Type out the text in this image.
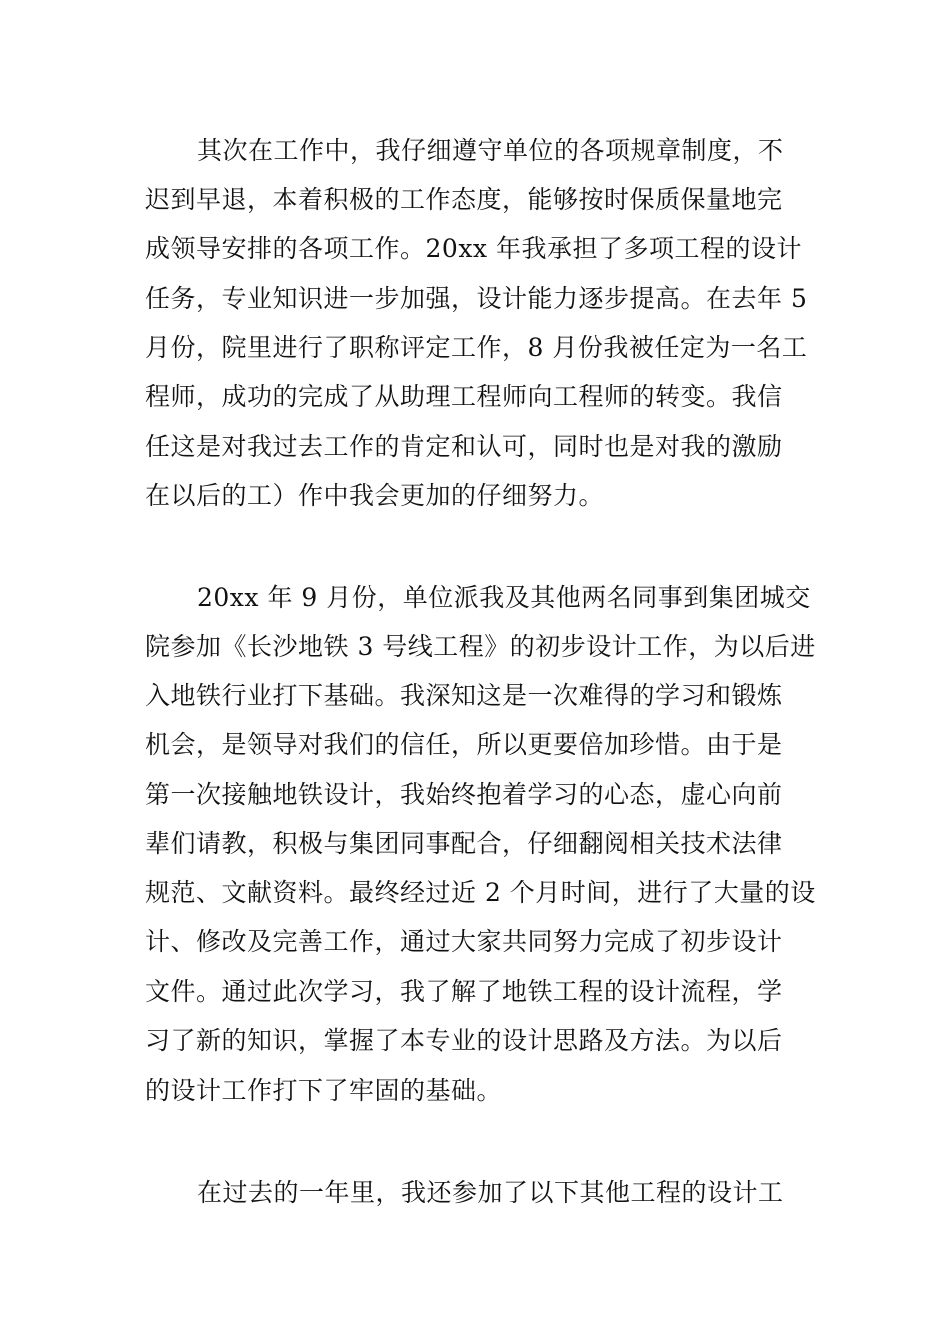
其次在工作中，我仔细遵守单位的各项规章制度，不
迟到早退，本着积极的工作态度，能够按时保质保量地完
成领导安排的各项工作。20xx 年我承担了多项工程的设计
任务，专业知识进一步加强，设计能力逐步提高。在去年 5
月份，院里进行了职称评定工作，8 月份我被任定为一名工
程师，成功的完成了从助理工程师向工程师的转变。我信
任这是对我过去工作的肯定和认可，同时也是对我的激励
在以后的工）作中我会更加的仔细努力。
20xx 年 9 月份，单位派我及其他两名同事到集团城交
院参加《长沙地铁 3 号线工程》的初步设计工作，为以后进
入地铁行业打下基础。我深知这是一次难得的学习和锻炼
机会，是领导对我们的信任，所以更要倍加珍惜。由于是
第一次接触地铁设计，我始终抱着学习的心态，虚心向前
辈们请教，积极与集团同事配合，仔细翻阅相关技术法律
规范、文献资料。最终经过近 2 个月时间，进行了大量的设
计、修改及完善工作，通过大家共同努力完成了初步设计
文件。通过此次学习，我了解了地铁工程的设计流程，学
习了新的知识，掌握了本专业的设计思路及方法。为以后
的设计工作打下了牢固的基础。
在过去的一年里，我还参加了以下其他工程的设计工
